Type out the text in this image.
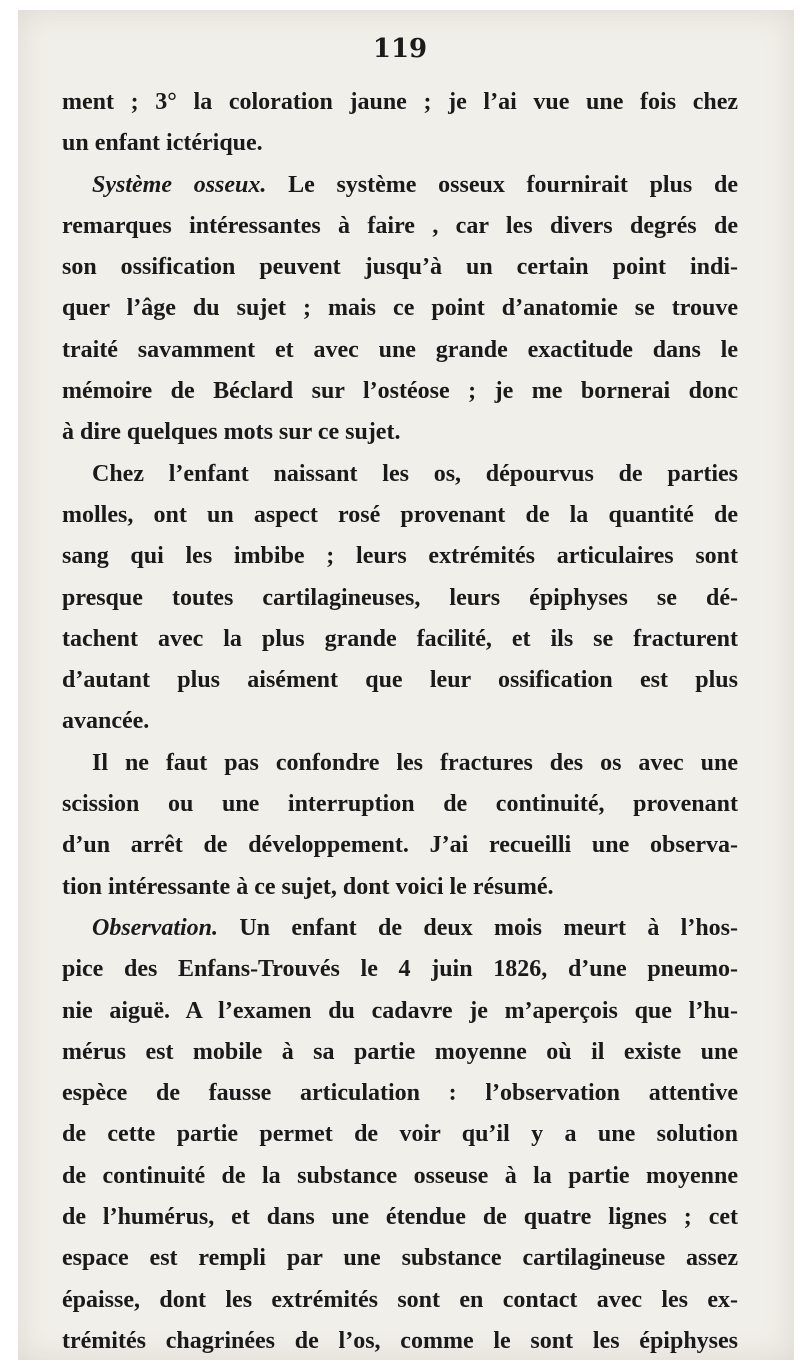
119

ment ; 3° la coloration jaune ; je l’ai vue une fois chez
un enfant ictérique.
Système osseux. Le système osseux fournirait plus de
remarques intéressantes à faire , car les divers degrés de
son ossification peuvent jusqu’à un certain point indi-
quer l’âge du sujet ; mais ce point d’anatomie se trouve
traité savamment et avec une grande exactitude dans le
mémoire de Béclard sur l’ostéose ; je me bornerai donc
à dire quelques mots sur ce sujet.
Chez l’enfant naissant les os, dépourvus de parties
molles, ont un aspect rosé provenant de la quantité de
sang qui les imbibe ; leurs extrémités articulaires sont
presque toutes cartilagineuses, leurs épiphyses se dé-
tachent avec la plus grande facilité, et ils se fracturent
d’autant plus aisément que leur ossification est plus
avancée.
Il ne faut pas confondre les fractures des os avec une
scission ou une interruption de continuité, provenant
d’un arrêt de développement. J’ai recueilli une observa-
tion intéressante à ce sujet, dont voici le résumé.
Observation. Un enfant de deux mois meurt à l’hos-
pice des Enfans-Trouvés le 4 juin 1826, d’une pneumo-
nie aiguë. A l’examen du cadavre je m’aperçois que l’hu-
mérus est mobile à sa partie moyenne où il existe une
espèce de fausse articulation : l’observation attentive
de cette partie permet de voir qu’il y a une solution
de continuité de la substance osseuse à la partie moyenne
de l’humérus, et dans une étendue de quatre lignes ; cet
espace est rempli par une substance cartilagineuse assez
épaisse, dont les extrémités sont en contact avec les ex-
trémités chagrinées de l’os, comme le sont les épiphyses
